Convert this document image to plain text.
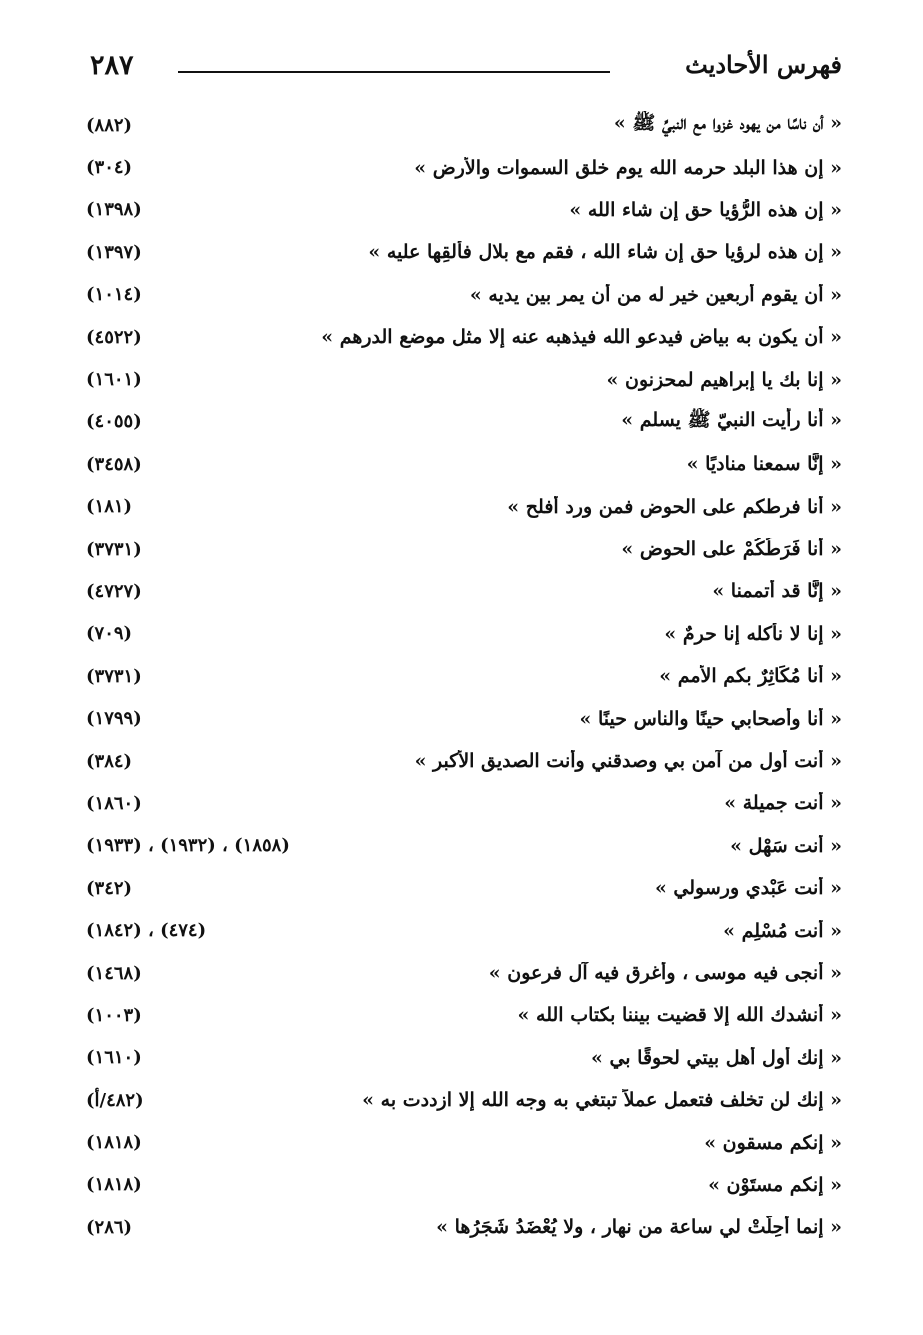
٢٨٧	فهرس الأحاديث
« أن ناسًا من يهود غزوا مع النبيِّ ﷺ »
(٨٨٢)
« إن هذا البلد حرمه الله يوم خلق السموات والأرض »
(٣٠٤)
« إن هذه الرُّؤيا حق إن شاء الله »
(١٣٩٨)
« إن هذه لرؤيا حق إن شاء الله ، فقم مع بلال فألقِها عليه »
(١٣٩٧)
« أن يقوم أربعين خير له من أن يمر بين يديه »
(١٠١٤)
« أن يكون به بياض فيدعو الله فيذهبه عنه إلا مثل موضع الدرهم »
(٤٥٢٢)
« إنا بك يا إبراهيم لمحزنون »
(١٦٠١)
« أنا رأيت النبيّ ﷺ يسلم »
(٤٠٥٥)
« إنَّا سمعنا مناديًا »
(٣٤٥٨)
« أنا فرطكم على الحوض فمن ورد أفلح »
(١٨١)
« أنا فَرَطُكُمْ على الحوضِ »
(٣٧٣١)
« إنَّا قد أتممنا »
(٤٧٢٧)
« إنا لا نأكله إنا حرمٌ »
(٧٠٩)
« أنا مُكَاثِرٌ بكم الأمم »
(٣٧٣١)
« أنا وأصحابي حينًا والناس حينًا »
(١٧٩٩)
« أنت أول من آمن بي وصدقني وأنت الصديق الأكبر »
(٣٨٤)
« أنت جميلة »
(١٨٦٠)
« أنت سَهْل »
(١٨٥٨) ، (١٩٣٢) ، (١٩٣٣)
« أنت عَبْدي ورسولي »
(٣٤٢)
« أنت مُسْلِم »
(٤٧٤) ، (١٨٤٢)
« أنجى فيه موسى ، وأغرق فيه آل فرعون »
(١٤٦٨)
« أنشدك الله إلا قضيت بيننا بكتاب الله »
(١٠٠٣)
« إنك أول أهل بيتي لحوقًا بي »
(١٦١٠)
« إنك لن تخلف فتعمل عملاً تبتغي به وجه الله إلا ازددت به »
(٤٨٢/أ)
« إنكم مسقون »
(١٨١٨)
« إنكم مستَوْن »
(١٨١٨)
« إنما أُحِلَّتْ لي ساعة من نهار ، ولا يُعْضَدُ شَجَرُها »
(٢٨٦)
